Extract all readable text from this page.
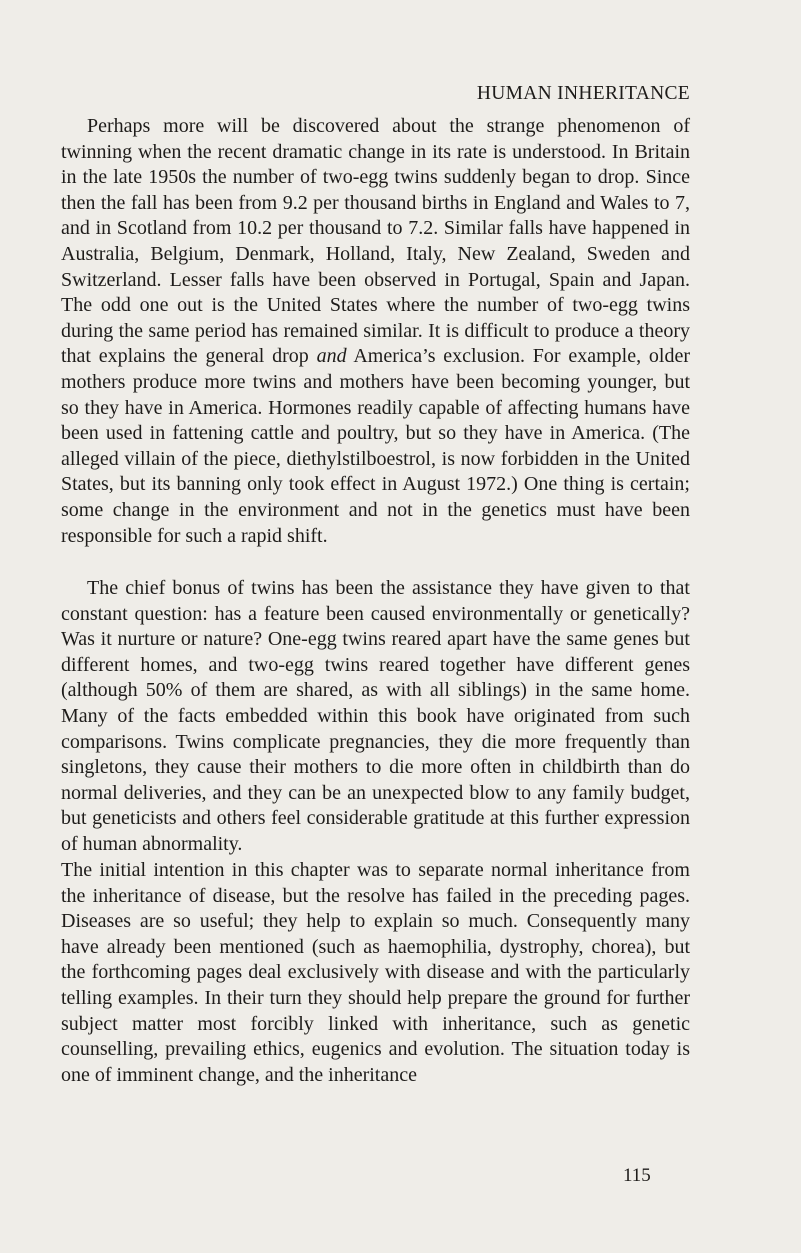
HUMAN INHERITANCE

Perhaps more will be discovered about the strange phenomenon of twinning when the recent dramatic change in its rate is understood. In Britain in the late 1950s the number of two-egg twins suddenly began to drop. Since then the fall has been from 9.2 per thousand births in England and Wales to 7, and in Scotland from 10.2 per thousand to 7.2. Similar falls have happened in Australia, Belgium, Denmark, Holland, Italy, New Zealand, Sweden and Switzerland. Lesser falls have been observed in Portugal, Spain and Japan. The odd one out is the United States where the number of two-egg twins during the same period has remained similar. It is difficult to produce a theory that explains the general drop and America’s exclusion. For example, older mothers produce more twins and mothers have been becoming younger, but so they have in America. Hormones readily capable of affecting humans have been used in fattening cattle and poultry, but so they have in America. (The alleged villain of the piece, diethylstilboestrol, is now forbidden in the United States, but its banning only took effect in August 1972.) One thing is certain; some change in the environment and not in the genetics must have been responsible for such a rapid shift.

The chief bonus of twins has been the assistance they have given to that constant question: has a feature been caused environmentally or genetically? Was it nurture or nature? One-egg twins reared apart have the same genes but different homes, and two-egg twins reared together have different genes (although 50% of them are shared, as with all siblings) in the same home. Many of the facts embedded within this book have originated from such comparisons. Twins complicate pregnancies, they die more frequently than singletons, they cause their mothers to die more often in childbirth than do normal deliveries, and they can be an unexpected blow to any family budget, but geneticists and others feel considerable gratitude at this further expression of human abnormality.

The initial intention in this chapter was to separate normal inheritance from the inheritance of disease, but the resolve has failed in the preceding pages. Diseases are so useful; they help to explain so much. Consequently many have already been mentioned (such as haemophilia, dystrophy, chorea), but the forthcoming pages deal exclusively with disease and with the particularly telling examples. In their turn they should help prepare the ground for further subject matter most forcibly linked with inheritance, such as genetic counselling, prevailing ethics, eugenics and evolution. The situation today is one of imminent change, and the inheritance

115
